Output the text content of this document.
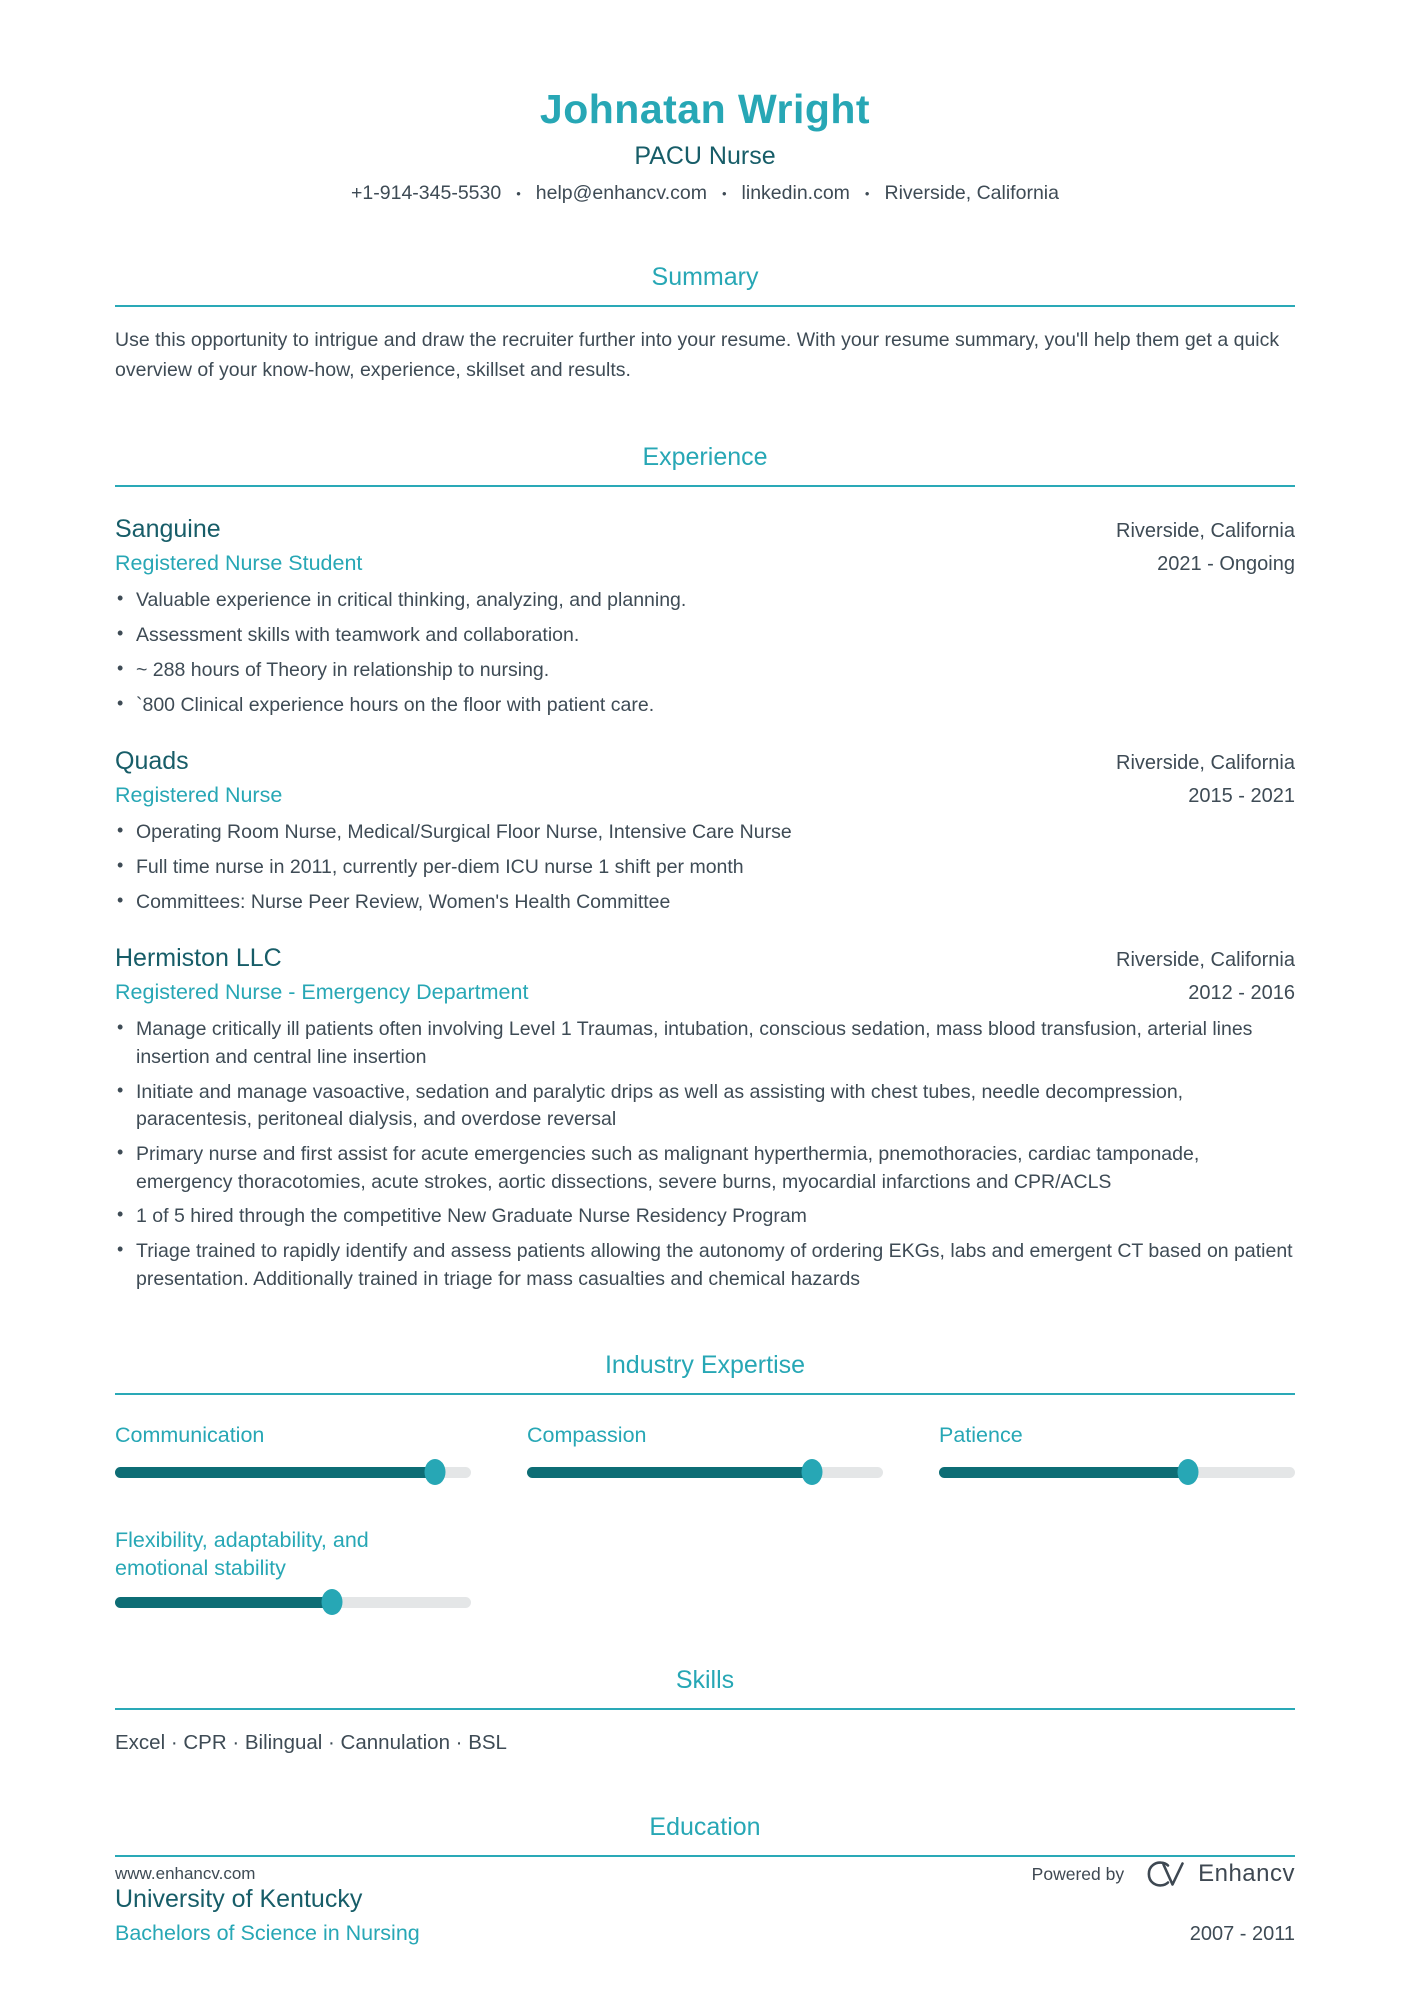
Johnatan Wright
PACU Nurse
+1-914-345-5530 • help@enhancv.com • linkedin.com • Riverside, California
Summary
Use this opportunity to intrigue and draw the recruiter further into your resume. With your resume summary, you'll help them get a quick overview of your know-how, experience, skillset and results.
Experience
Sanguine	Riverside, California
Registered Nurse Student	2021 - Ongoing
• Valuable experience in critical thinking, analyzing, and planning.
• Assessment skills with teamwork and collaboration.
• ~ 288 hours of Theory in relationship to nursing.
• `800 Clinical experience hours on the floor with patient care.
Quads	Riverside, California
Registered Nurse	2015 - 2021
• Operating Room Nurse, Medical/Surgical Floor Nurse, Intensive Care Nurse
• Full time nurse in 2011, currently per-diem ICU nurse 1 shift per month
• Committees: Nurse Peer Review, Women's Health Committee
Hermiston LLC	Riverside, California
Registered Nurse - Emergency Department	2012 - 2016
• Manage critically ill patients often involving Level 1 Traumas, intubation, conscious sedation, mass blood transfusion, arterial lines insertion and central line insertion
• Initiate and manage vasoactive, sedation and paralytic drips as well as assisting with chest tubes, needle decompression, paracentesis, peritoneal dialysis, and overdose reversal
• Primary nurse and first assist for acute emergencies such as malignant hyperthermia, pnemothoracies, cardiac tamponade, emergency thoracotomies, acute strokes, aortic dissections, severe burns, myocardial infarctions and CPR/ACLS
• 1 of 5 hired through the competitive New Graduate Nurse Residency Program
• Triage trained to rapidly identify and assess patients allowing the autonomy of ordering EKGs, labs and emergent CT based on patient presentation. Additionally trained in triage for mass casualties and chemical hazards
Industry Expertise
Communication	Compassion	Patience
Flexibility, adaptability, and emotional stability
Skills
Excel · CPR · Bilingual · Cannulation · BSL
Education
University of Kentucky
Bachelors of Science in Nursing	2007 - 2011
www.enhancv.com	Powered by	Enhancv
